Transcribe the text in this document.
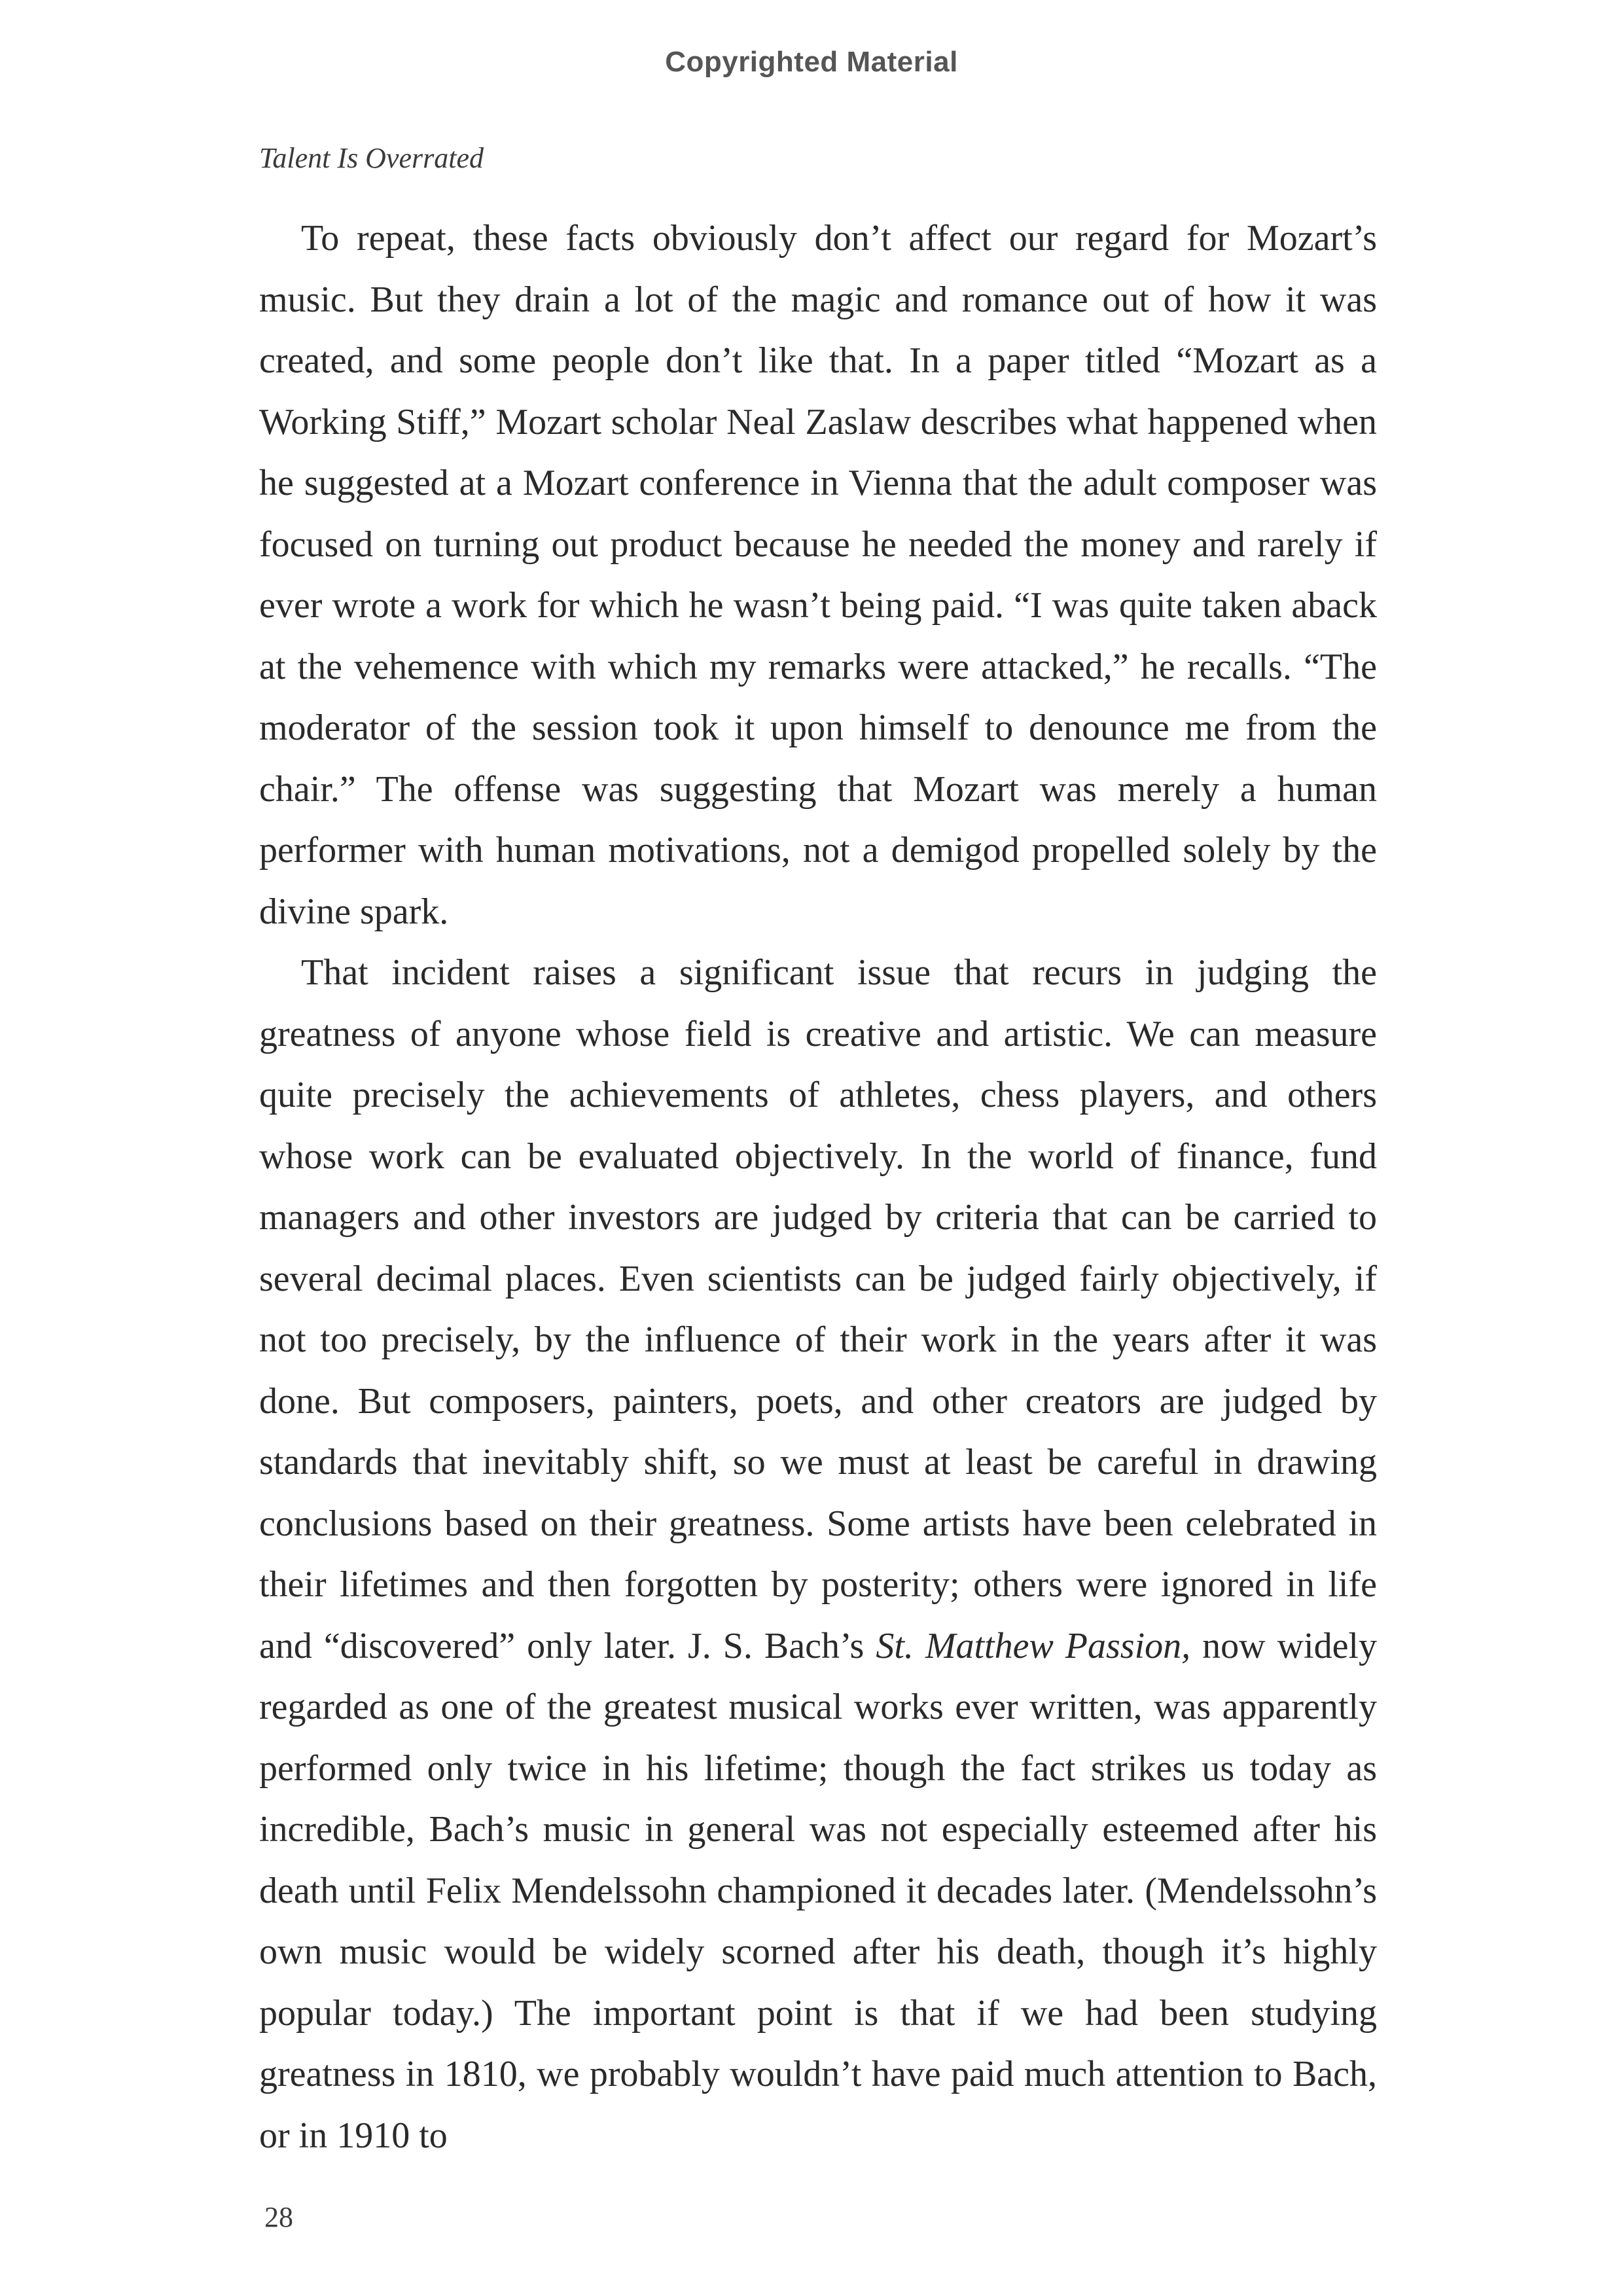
Copyrighted Material
Talent Is Overrated

To repeat, these facts obviously don’t affect our regard for Mozart’s music. But they drain a lot of the magic and romance out of how it was created, and some people don’t like that. In a paper titled “Mozart as a Working Stiff,” Mozart scholar Neal Zaslaw describes what happened when he suggested at a Mozart conference in Vienna that the adult composer was focused on turning out product because he needed the money and rarely if ever wrote a work for which he wasn’t being paid. “I was quite taken aback at the vehemence with which my remarks were attacked,” he recalls. “The moderator of the session took it upon himself to denounce me from the chair.” The offense was suggesting that Mozart was merely a human performer with human motivations, not a demigod propelled solely by the divine spark.

That incident raises a significant issue that recurs in judging the greatness of anyone whose field is creative and artistic. We can measure quite precisely the achievements of athletes, chess players, and others whose work can be evaluated objectively. In the world of finance, fund managers and other investors are judged by criteria that can be carried to several decimal places. Even scientists can be judged fairly objectively, if not too precisely, by the influence of their work in the years after it was done. But composers, painters, poets, and other creators are judged by standards that inevitably shift, so we must at least be careful in drawing conclusions based on their greatness. Some artists have been celebrated in their lifetimes and then forgotten by posterity; others were ignored in life and “discovered” only later. J. S. Bach’s St. Matthew Passion, now widely regarded as one of the greatest musical works ever written, was apparently performed only twice in his lifetime; though the fact strikes us today as incredible, Bach’s music in general was not especially esteemed after his death until Felix Mendelssohn championed it decades later. (Mendelssohn’s own music would be widely scorned after his death, though it’s highly popular today.) The important point is that if we had been studying greatness in 1810, we probably wouldn’t have paid much attention to Bach, or in 1910 to

28
